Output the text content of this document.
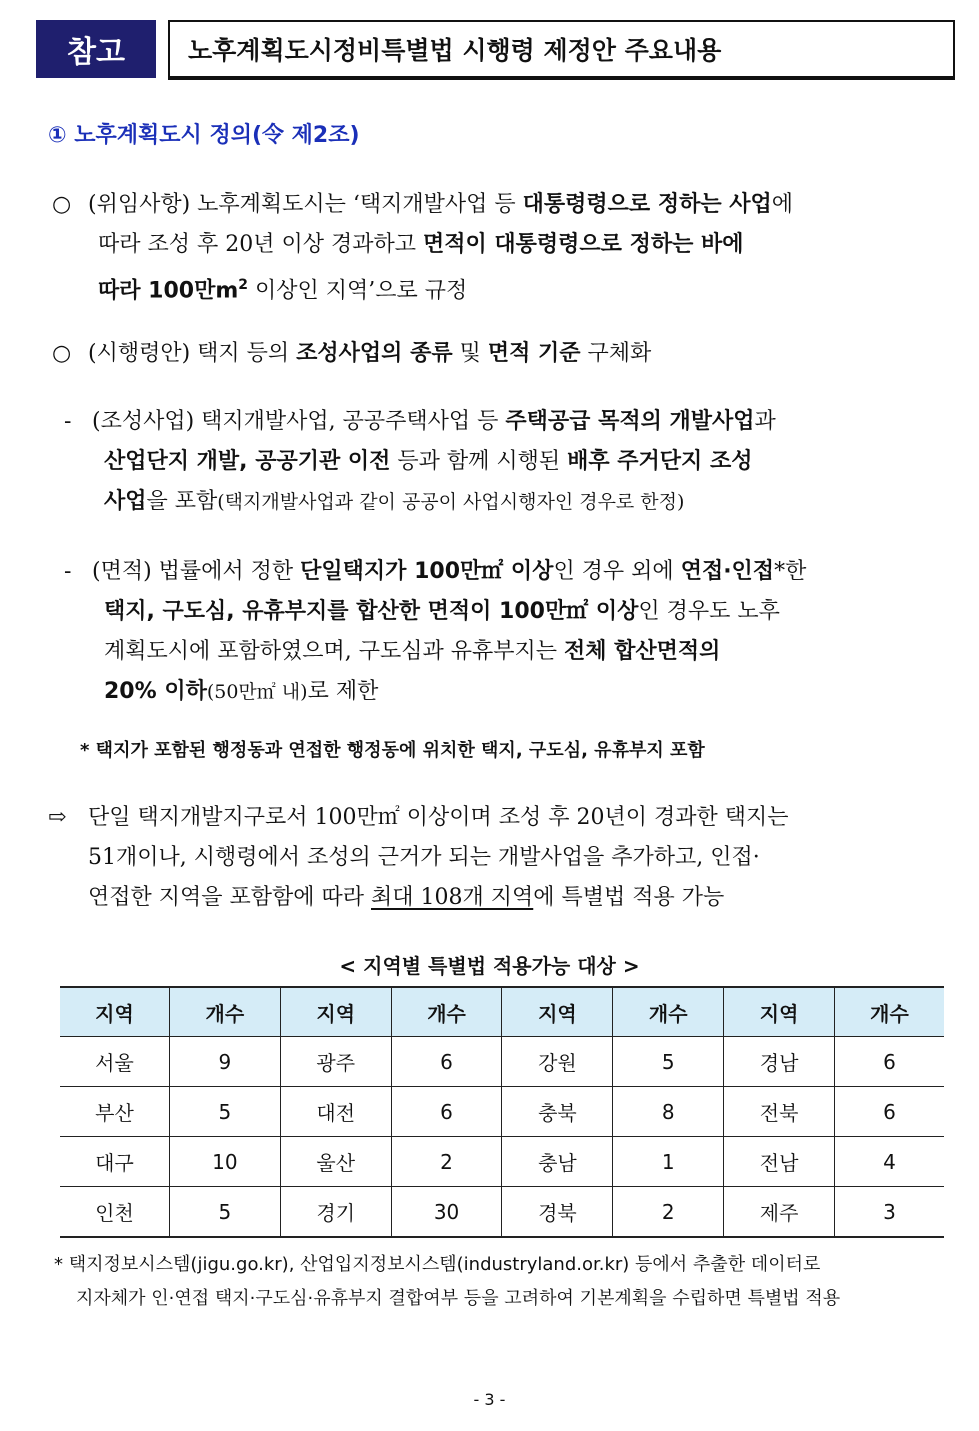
참고	노후계획도시정비특별법 시행령 제정안 주요내용
① 노후계획도시 정의(令 제2조)
○ (위임사항) 노후계획도시는 ‘택지개발사업 등 대통령령으로 정하는 사업에
따라 조성 후 20년 이상 경과하고 면적이 대통령령으로 정하는 바에
따라 100만$m^2$ 이상인 지역’으로 규정
○ (시행령안) 택지 등의 조성사업의 종류 및 면적 기준 구체화
- (조성사업) 택지개발사업, 공공주택사업 등 주택공급 목적의 개발사업과
산업단지 개발, 공공기관 이전 등과 함께 시행된 배후 주거단지 조성
사업을 포함(택지개발사업과 같이 공공이 사업시행자인 경우로 한정)
- (면적) 법률에서 정한 단일택지가 100만㎡ 이상인 경우 외에 연접·인접*한
택지, 구도심, 유휴부지를 합산한 면적이 100만㎡ 이상인 경우도 노후
계획도시에 포함하였으며, 구도심과 유휴부지는 전체 합산면적의
20% 이하(50만㎡ 내)로 제한
* 택지가 포함된 행정동과 연접한 행정동에 위치한 택지, 구도심, 유휴부지 포함
⇨ 단일 택지개발지구로서 100만㎡ 이상이며 조성 후 20년이 경과한 택지는
51개이나, 시행령에서 조성의 근거가 되는 개발사업을 추가하고, 인접·
연접한 지역을 포함함에 따라 최대 108개 지역에 특별법 적용 가능
< 지역별 특별법 적용가능 대상 >
지역	개수	지역	개수	지역	개수	지역	개수
서울	9	광주	6	강원	5	경남	6
부산	5	대전	6	충북	8	전북	6
대구	10	울산	2	충남	1	전남	4
인천	5	경기	30	경북	2	제주	3
* 택지정보시스템(jigu.go.kr), 산업입지정보시스템(industryland.or.kr) 등에서 추출한 데이터로
지자체가 인·연접 택지·구도심·유휴부지 결합여부 등을 고려하여 기본계획을 수립하면 특별법 적용
- 3 -
